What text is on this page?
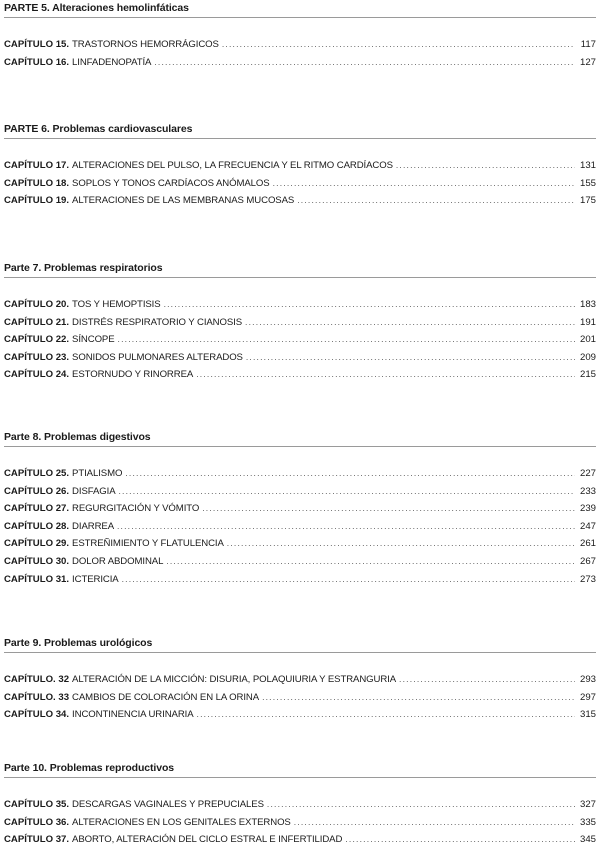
PARTE 5. Alteraciones hemolinfáticas
CAPÍTULO 15. TRASTORNOS HEMORRÁGICOS .....	117
CAPÍTULO 16. LINFADENOPATÍA .....	127
PARTE 6. Problemas cardiovasculares
CAPÍTULO 17. ALTERACIONES DEL PULSO, LA FRECUENCIA Y EL RITMO CARDÍACOS .....	131
CAPÍTULO 18. SOPLOS Y TONOS CARDÍACOS ANÓMALOS .....	155
CAPÍTULO 19. ALTERACIONES DE LAS MEMBRANAS MUCOSAS .....	175
Parte 7. Problemas respiratorios
CAPÍTULO 20. TOS Y HEMOPTISIS .....	183
CAPÍTULO 21. DISTRÉS RESPIRATORIO Y CIANOSIS .....	191
CAPÍTULO 22. SÍNCOPE .....	201
CAPÍTULO 23. SONIDOS PULMONARES ALTERADOS .....	209
CAPÍTULO 24. ESTORNUDO Y RINORREA .....	215
Parte 8. Problemas digestivos
CAPÍTULO 25. PTIALISMO .....	227
CAPÍTULO 26. DISFAGIA .....	233
CAPÍTULO 27. REGURGITACIÓN Y VÓMITO .....	239
CAPÍTULO 28. DIARREA .....	247
CAPÍTULO 29. ESTREÑIMIENTO Y FLATULENCIA .....	261
CAPÍTULO 30. DOLOR ABDOMINAL .....	267
CAPÍTULO 31. ICTERICIA .....	273
Parte 9. Problemas urológicos
CAPÍTULO. 32 ALTERACIÓN DE LA MICCIÓN: DISURIA, POLAQUIURIA Y ESTRANGURIA .....	293
CAPÍTULO. 33 CAMBIOS DE COLORACIÓN EN LA ORINA .....	297
CAPÍTULO 34. INCONTINENCIA URINARIA .....	315
Parte 10. Problemas reproductivos
CAPÍTULO 35. DESCARGAS VAGINALES Y PREPUCIALES .....	327
CAPÍTULO 36. ALTERACIONES EN LOS GENITALES EXTERNOS .....	335
CAPÍTULO 37. ABORTO, ALTERACIÓN DEL CICLO ESTRAL E INFERTILIDAD .....	345
